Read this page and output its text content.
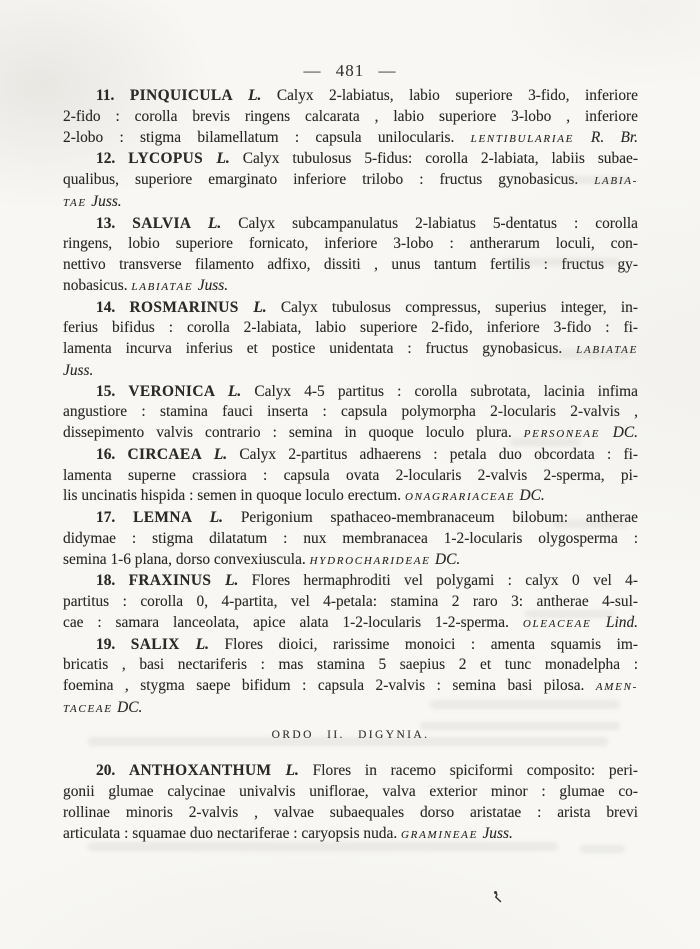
— 481 —
11. PINQUICULA L. Calyx 2-labiatus, labio superiore 3-fido, inferiore
2-fido : corolla brevis ringens calcarata , labio superiore 3-lobo , inferiore
2-lobo : stigma bilamellatum : capsula unilocularis. LENTIBULARIAE R. Br.
12. LYCOPUS L. Calyx tubulosus 5-fidus: corolla 2-labiata, labiis subae-
qualibus, superiore emarginato inferiore trilobo : fructus gynobasicus. LABIA-
TAE Juss.
13. SALVIA L. Calyx subcampanulatus 2-labiatus 5-dentatus : corolla
ringens, lobio superiore fornicato, inferiore 3-lobo : antherarum loculi, con-
nettivo transverse filamento adfixo, dissiti , unus tantum fertilis : fructus gy-
nobasicus. LABIATAE Juss.
14. ROSMARINUS L. Calyx tubulosus compressus, superius integer, in-
ferius bifidus : corolla 2-labiata, labio superiore 2-fido, inferiore 3-fido : fi-
lamenta incurva inferius et postice unidentata : fructus gynobasicus. LABIATAE
Juss.
15. VERONICA L. Calyx 4-5 partitus : corolla subrotata, lacinia infima
angustiore : stamina fauci inserta : capsula polymorpha 2-locularis 2-valvis ,
dissepimento valvis contrario : semina in quoque loculo plura. PERSONEAE DC.
16. CIRCAEA L. Calyx 2-partitus adhaerens : petala duo obcordata : fi-
lamenta superne crassiora : capsula ovata 2-locularis 2-valvis 2-sperma, pi-
lis uncinatis hispida : semen in quoque loculo erectum. ONAGRARIACEAE DC.
17. LEMNA L. Perigonium spathaceo-membranaceum bilobum: antherae
didymae : stigma dilatatum : nux membranacea 1-2-locularis olygosperma :
semina 1-6 plana, dorso convexiuscula. HYDROCHARIDEAE DC.
18. FRAXINUS L. Flores hermaphroditi vel polygami : calyx 0 vel 4-
partitus : corolla 0, 4-partita, vel 4-petala: stamina 2 raro 3: antherae 4-sul-
cae : samara lanceolata, apice alata 1-2-locularis 1-2-sperma. OLEACEAE Lind.
19. SALIX L. Flores dioici, rarissime monoici : amenta squamis im-
bricatis , basi nectariferis : mas stamina 5 saepius 2 et tunc monadelpha :
foemina , stygma saepe bifidum : capsula 2-valvis : semina basi pilosa. AMEN-
TACEAE DC.
ORDO II. DIGYNIA.
20. ANTHOXANTHUM L. Flores in racemo spiciformi composito: peri-
gonii glumae calycinae univalvis uniflorae, valva exterior minor : glumae co-
rollinae minoris 2-valvis , valvae subaequales dorso aristatae : arista brevi
articulata : squamae duo nectariferae : caryopsis nuda. GRAMINEAE Juss.
